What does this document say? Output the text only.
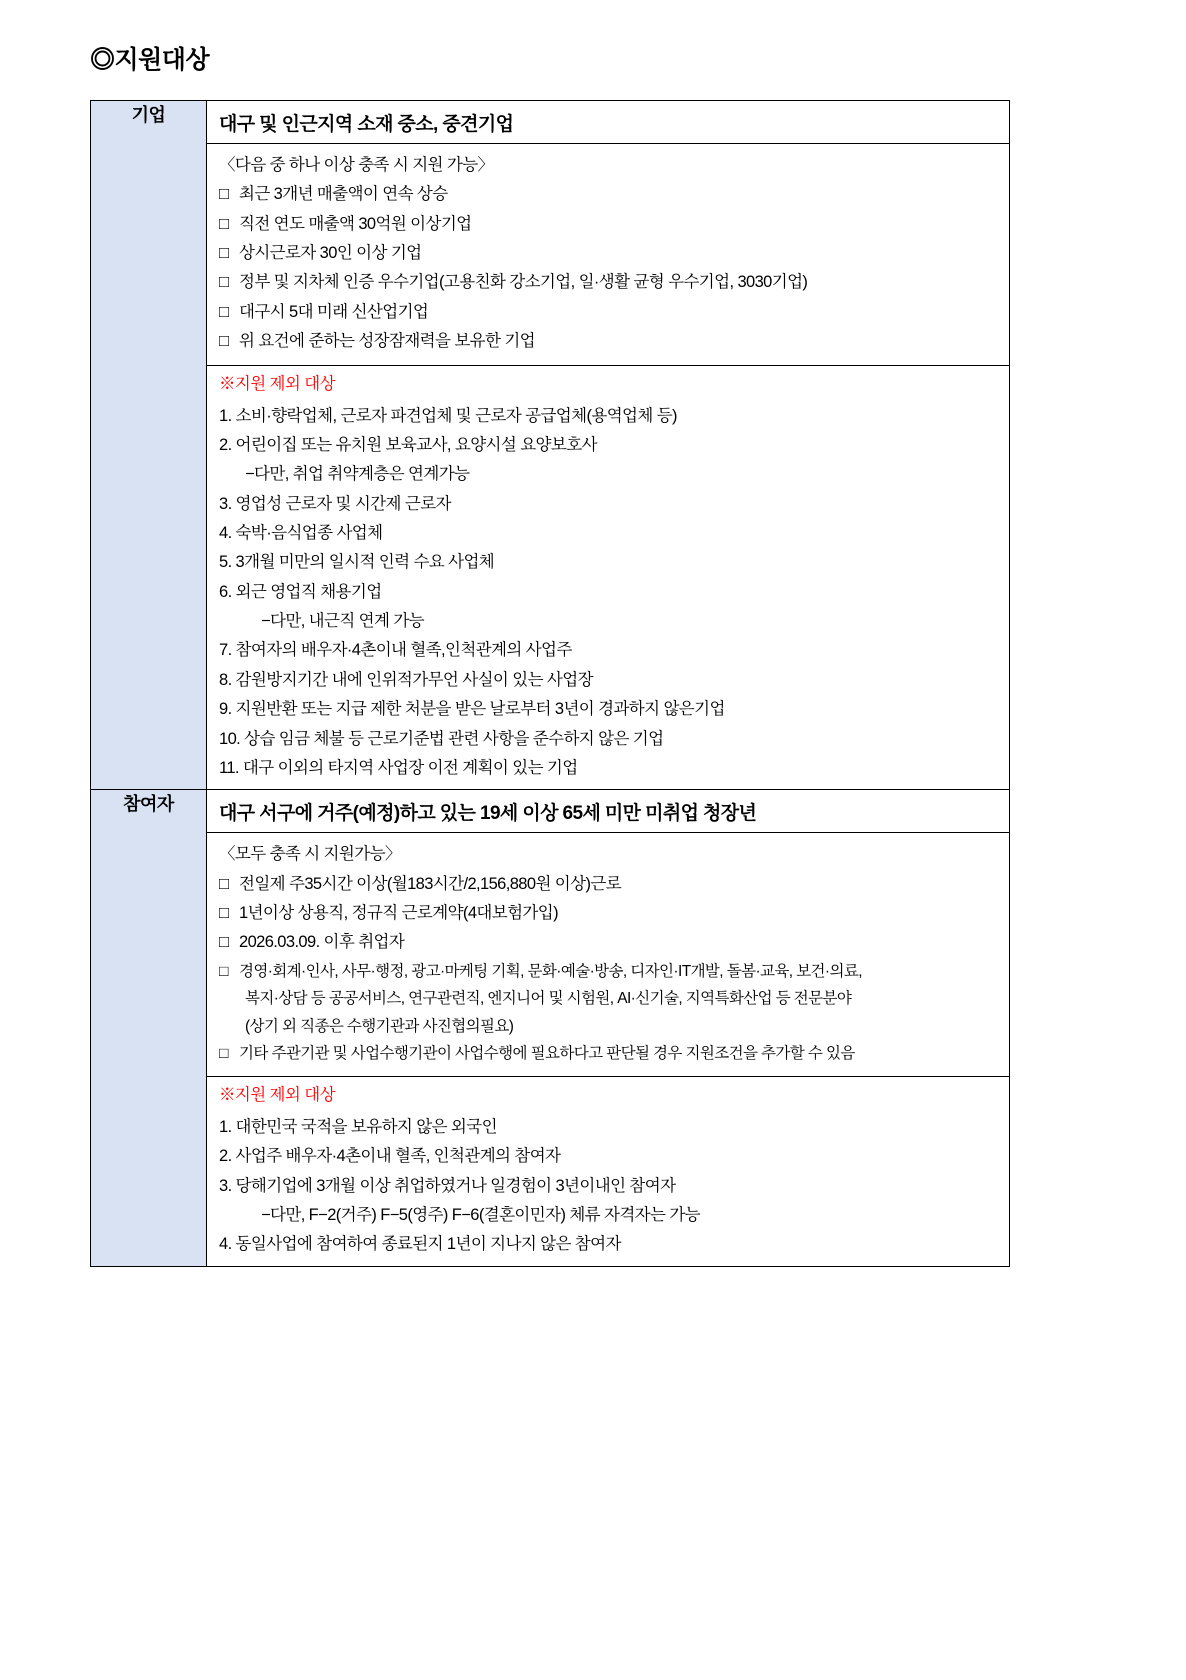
◎지원대상
기업	대구 및 인근지역 소재 중소, 중견기업
〈다음 중 하나 이상 충족 시 지원 가능〉
□ 최근 3개년 매출액이 연속 상승
□ 직전 연도 매출액 30억원 이상기업
□ 상시근로자 30인 이상 기업
□ 정부 및 지차체 인증 우수기업(고용친화 강소기업, 일·생활 균형 우수기업, 3030기업)
□ 대구시 5대 미래 신산업기업
□ 위 요건에 준하는 성장잠재력을 보유한 기업
※지원 제외 대상
1. 소비·향락업체, 근로자 파견업체 및 근로자 공급업체(용역업체 등)
2. 어린이집 또는 유치원 보육교사, 요양시설 요양보호사
−다만, 취업 취약계층은 연계가능
3. 영업성 근로자 및 시간제 근로자
4. 숙박·음식업종 사업체
5. 3개월 미만의 일시적 인력 수요 사업체
6. 외근 영업직 채용기업
−다만, 내근직 연계 가능
7. 참여자의 배우자·4촌이내 혈족,인척관계의 사업주
8. 감원방지기간 내에 인위적가무언 사실이 있는 사업장
9. 지원반환 또는 지급 제한 처분을 받은 날로부터 3년이 경과하지 않은기업
10. 상습 임금 체불 등 근로기준법 관련 사항을 준수하지 않은 기업
11. 대구 이외의 타지역 사업장 이전 계획이 있는 기업

참여자	대구 서구에 거주(예정)하고 있는 19세 이상 65세 미만 미취업 청장년
〈모두 충족 시 지원가능〉
□ 전일제 주35시간 이상(월183시간/2,156,880원 이상)근로
□ 1년이상 상용직, 정규직 근로계약(4대보험가입)
□ 2026.03.09. 이후 취업자
□ 경영·회계·인사, 사무·행정, 광고·마케팅 기획, 문화·예술·방송, 디자인·IT개발, 돌봄·교육, 보건·의료,
복지·상담 등 공공서비스, 연구관련직, 엔지니어 및 시험원, AI·신기술, 지역특화산업 등 전문분야
(상기 외 직종은 수행기관과 사진협의필요)
□ 기타 주관기관 및 사업수행기관이 사업수행에 필요하다고 판단될 경우 지원조건을 추가할 수 있음
※지원 제외 대상
1. 대한민국 국적을 보유하지 않은 외국인
2. 사업주 배우자·4촌이내 혈족, 인척관계의 참여자
3. 당해기업에 3개월 이상 취업하였거나 일경험이 3년이내인 참여자
−다만, F−2(거주) F−5(영주) F−6(결혼이민자) 체류 자격자는 가능
4. 동일사업에 참여하여 종료된지 1년이 지나지 않은 참여자
